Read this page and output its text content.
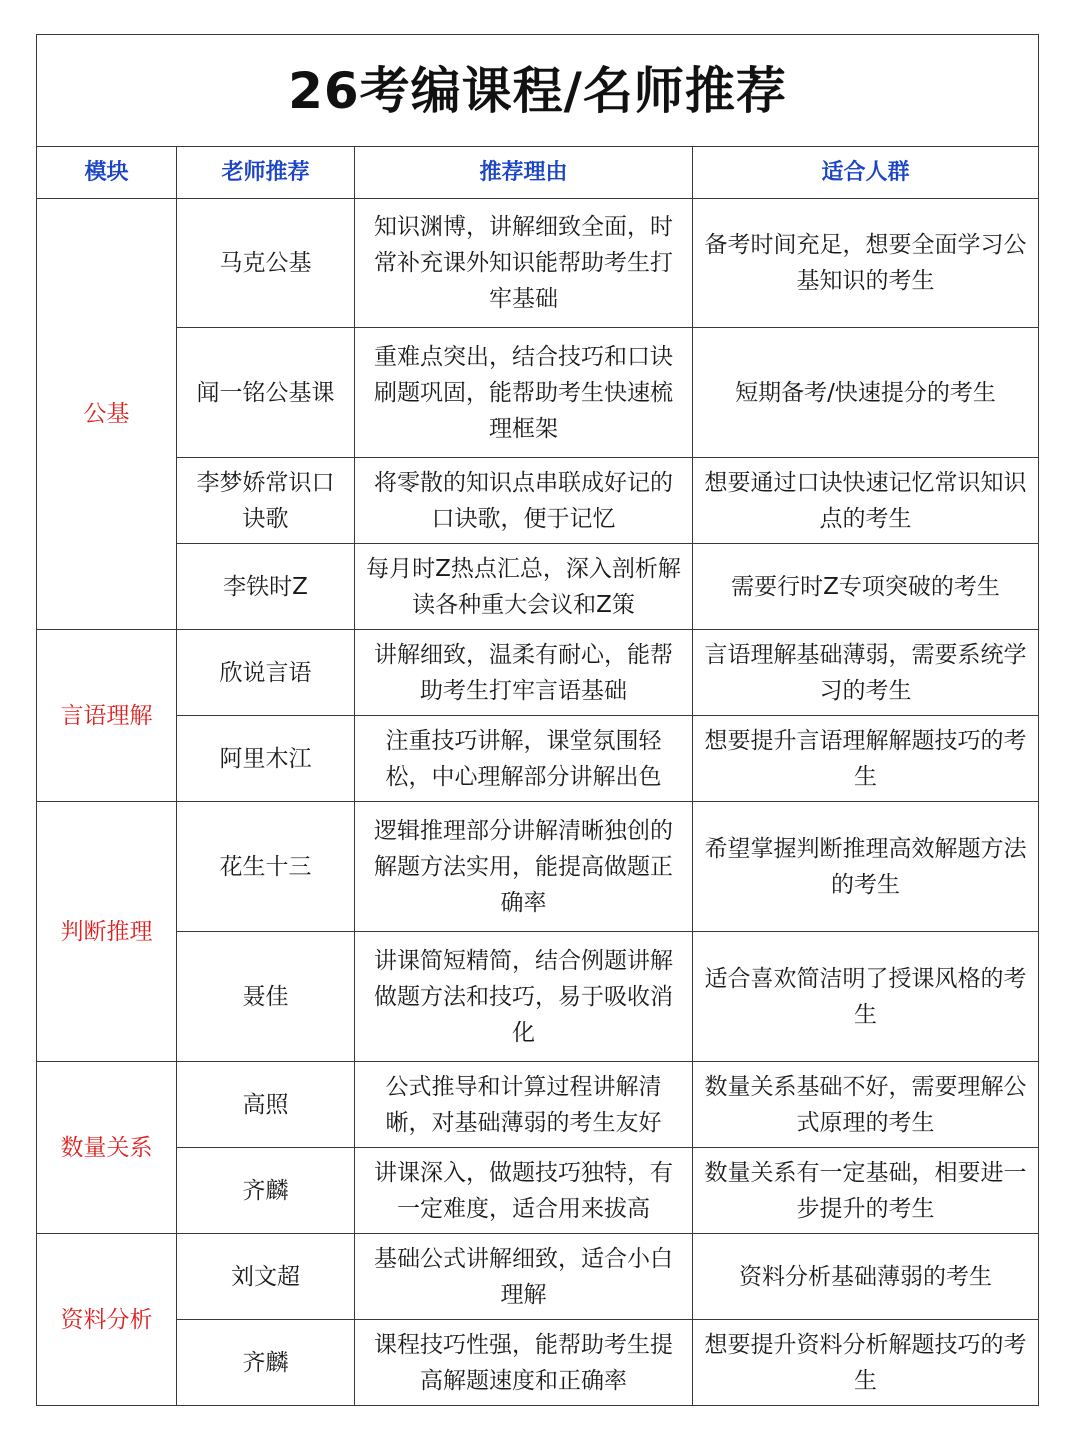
26考编课程/名师推荐			
模块	老师推荐	推荐理由	适合人群
公基	马克公基	知识渊博，讲解细致全面，时常补充课外知识能帮助考生打牢基础	备考时间充足，想要全面学习公基知识的考生
	闻一铭公基课	重难点突出，结合技巧和口诀刷题巩固，能帮助考生快速梳理框架	短期备考/快速提分的考生
	李梦娇常识口诀歌	将零散的知识点串联成好记的口诀歌，便于记忆	想要通过口诀快速记忆常识知识点的考生
	李铁时Z	每月时Z热点汇总，深入剖析解读各种重大会议和Z策	需要行时Z专项突破的考生
言语理解	欣说言语	讲解细致，温柔有耐心，能帮助考生打牢言语基础	言语理解基础薄弱，需要系统学习的考生
	阿里木江	注重技巧讲解，课堂氛围轻松，中心理解部分讲解出色	想要提升言语理解解题技巧的考生
判断推理	花生十三	逻辑推理部分讲解清晰独创的解题方法实用，能提高做题正确率	希望掌握判断推理高效解题方法的考生
	聂佳	讲课简短精简，结合例题讲解做题方法和技巧，易于吸收消化	适合喜欢简洁明了授课风格的考生
数量关系	高照	公式推导和计算过程讲解清晰，对基础薄弱的考生友好	数量关系基础不好，需要理解公式原理的考生
	齐麟	讲课深入，做题技巧独特，有一定难度，适合用来拔高	数量关系有一定基础，相要进一步提升的考生
资料分析	刘文超	基础公式讲解细致，适合小白理解	资料分析基础薄弱的考生
	齐麟	课程技巧性强，能帮助考生提高解题速度和正确率	想要提升资料分析解题技巧的考生
